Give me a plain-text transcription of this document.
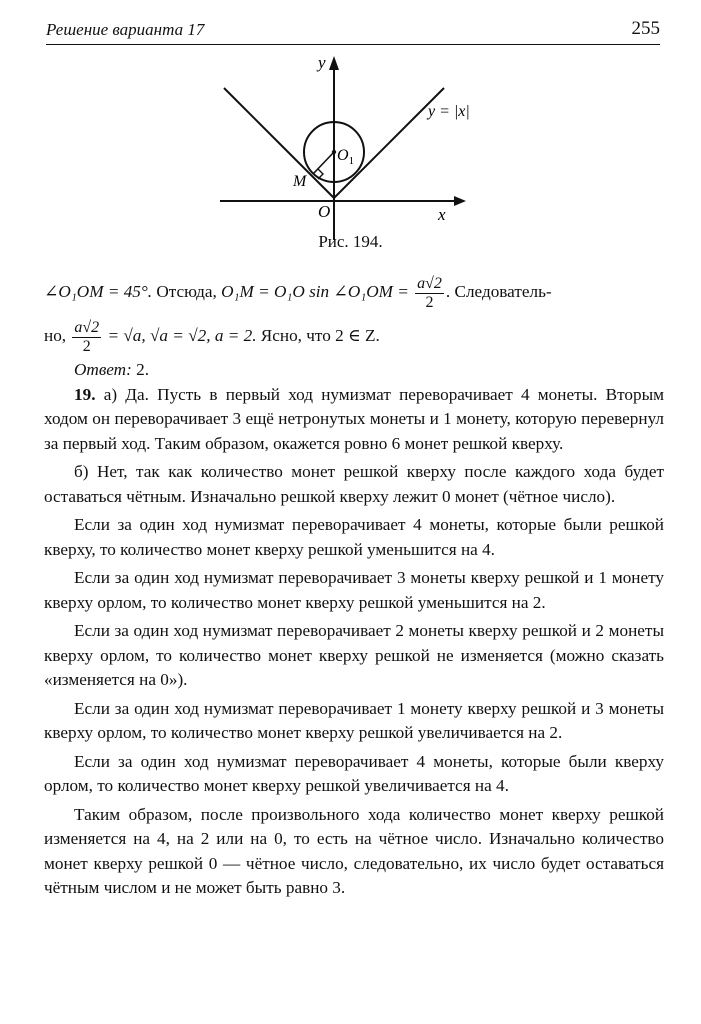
Решение варианта 17	255
y
x
O
$O_1$
M
y = |x|
Рис. 194.

∠O₁OM = 45°. Отсюда, O₁M = O₁O sin ∠O₁OM = $\frac{a√2}{2}$ . Следователь-

но, $\frac{a√2}{2} = √a$, √a = √2, a = 2. Ясно, что 2 ∈ Z.

Ответ: 2.

19. а) Да. Пусть в первый ход нумизмат переворачивает 4 монеты. Вторым ходом он переворачивает 3 ещё нетронутых монеты и 1 монету, которую перевернул за первый ход. Таким образом, окажется ровно 6 монет решкой кверху.

б) Нет, так как количество монет решкой кверху после каждого хода будет оставаться чётным. Изначально решкой кверху лежит 0 монет (чётное число).

Если за один ход нумизмат переворачивает 4 монеты, которые были решкой кверху, то количество монет кверху решкой уменьшится на 4.

Если за один ход нумизмат переворачивает 3 монеты кверху решкой и 1 монету кверху орлом, то количество монет кверху решкой уменьшится на 2.

Если за один ход нумизмат переворачивает 2 монеты кверху решкой и 2 монеты кверху орлом, то количество монет кверху решкой не изменяется (можно сказать «изменяется на 0»).

Если за один ход нумизмат переворачивает 1 монету кверху решкой и 3 монеты кверху орлом, то количество монет кверху решкой увеличивается на 2.

Если за один ход нумизмат переворачивает 4 монеты, которые были кверху орлом, то количество монет кверху решкой увеличивается на 4.

Таким образом, после произвольного хода количество монет кверху решкой изменяется на 4, на 2 или на 0, то есть на чётное число. Изначально количество монет кверху решкой 0 — чётное число, следовательно, их число будет оставаться чётным числом и не может быть равно 3.
